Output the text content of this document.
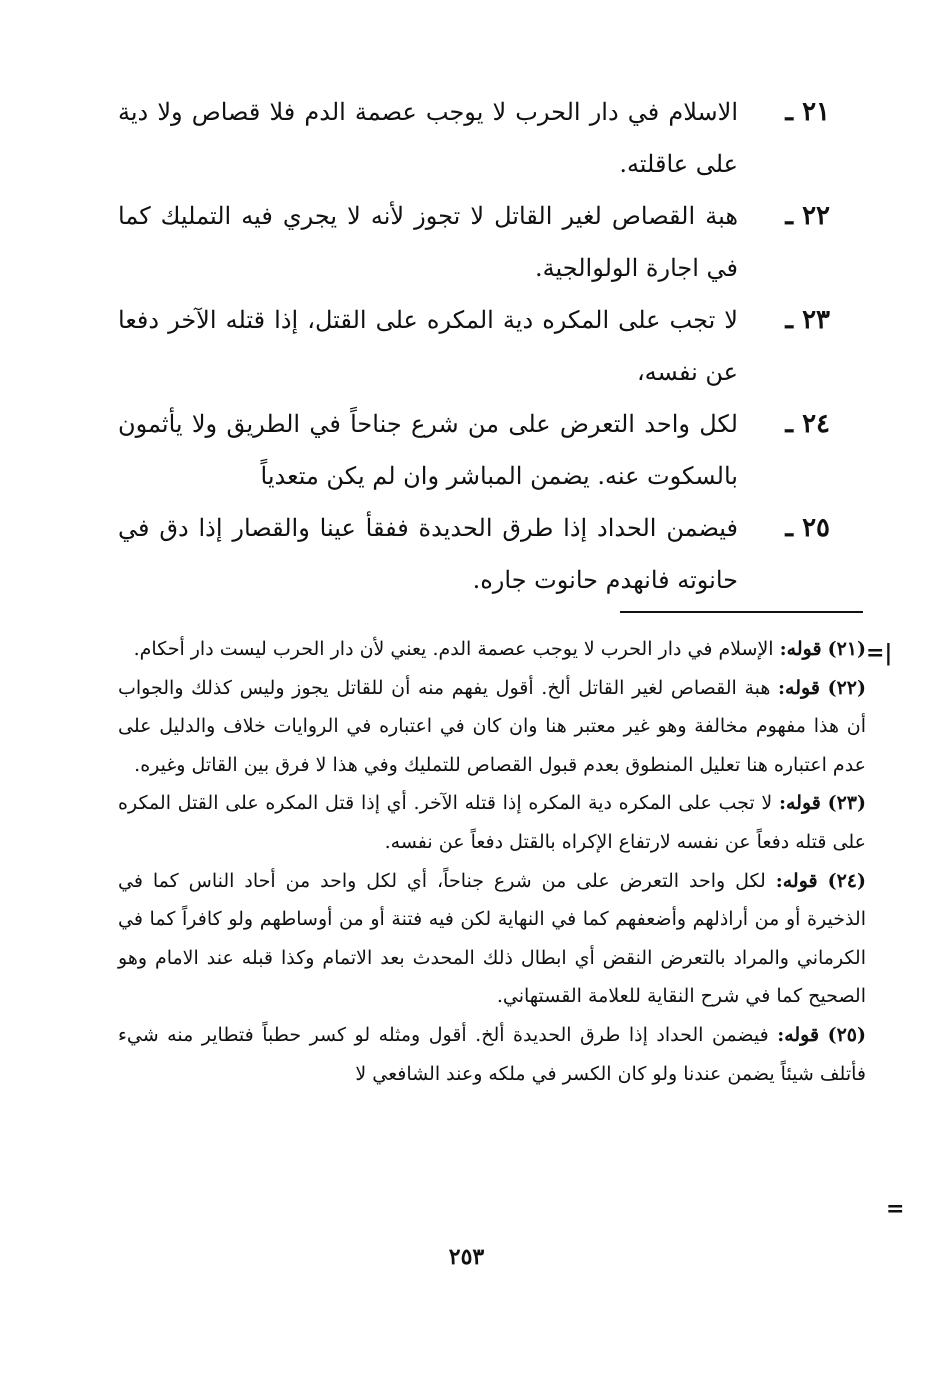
٢١ ـ
الاسلام في دار الحرب لا يوجب عصمة الدم فلا قصاص ولا دية على عاقلته.
٢٢ ـ
هبة القصاص لغير القاتل لا تجوز لأنه لا يجري فيه التمليك كما في اجارة الولوالجية.
٢٣ ـ
لا تجب على المكره دية المكره على القتل، إذا قتله الآخر دفعا عن نفسه،
٢٤ ـ
لكل واحد التعرض على من شرع جناحاً في الطريق ولا يأثمون بالسكوت عنه. يضمن المباشر وان لم يكن متعدياً
٢٥ ـ
فيضمن الحداد إذا طرق الحديدة ففقأ عينا والقصار إذا دق في حانوته فانهدم حانوت جاره.
=|

(٢١) قوله: الإسلام في دار الحرب لا يوجب عصمة الدم. يعني لأن دار الحرب ليست دار أحكام.

(٢٢) قوله: هبة القصاص لغير القاتل ألخ. أقول يفهم منه أن للقاتل يجوز وليس كذلك والجواب أن هذا مفهوم مخالفة وهو غير معتبر هنا وان كان في اعتباره في الروايات خلاف والدليل على عدم اعتباره هنا تعليل المنطوق بعدم قبول القصاص للتمليك وفي هذا لا فرق بين القاتل وغيره.

(٢٣) قوله: لا تجب على المكره دية المكره إذا قتله الآخر. أي إذا قتل المكره على القتل المكره على قتله دفعاً عن نفسه لارتفاع الإكراه بالقتل دفعاً عن نفسه.

(٢٤) قوله: لكل واحد التعرض على من شرع جناحاً، أي لكل واحد من أحاد الناس كما في الذخيرة أو من أراذلهم وأضعفهم كما في النهاية لكن فيه فتنة أو من أوساطهم ولو كافراً كما في الكرماني والمراد بالتعرض النقض أي ابطال ذلك المحدث بعد الاتمام وكذا قبله عند الامام وهو الصحيح كما في شرح النقاية للعلامة القستهاني.

(٢٥) قوله: فيضمن الحداد إذا طرق الحديدة ألخ. أقول ومثله لو كسر حطباً فتطاير منه شيء فأتلف شيئاً يضمن عندنا ولو كان الكسر في ملكه وعند الشافعي لا

=
٢٥٣
